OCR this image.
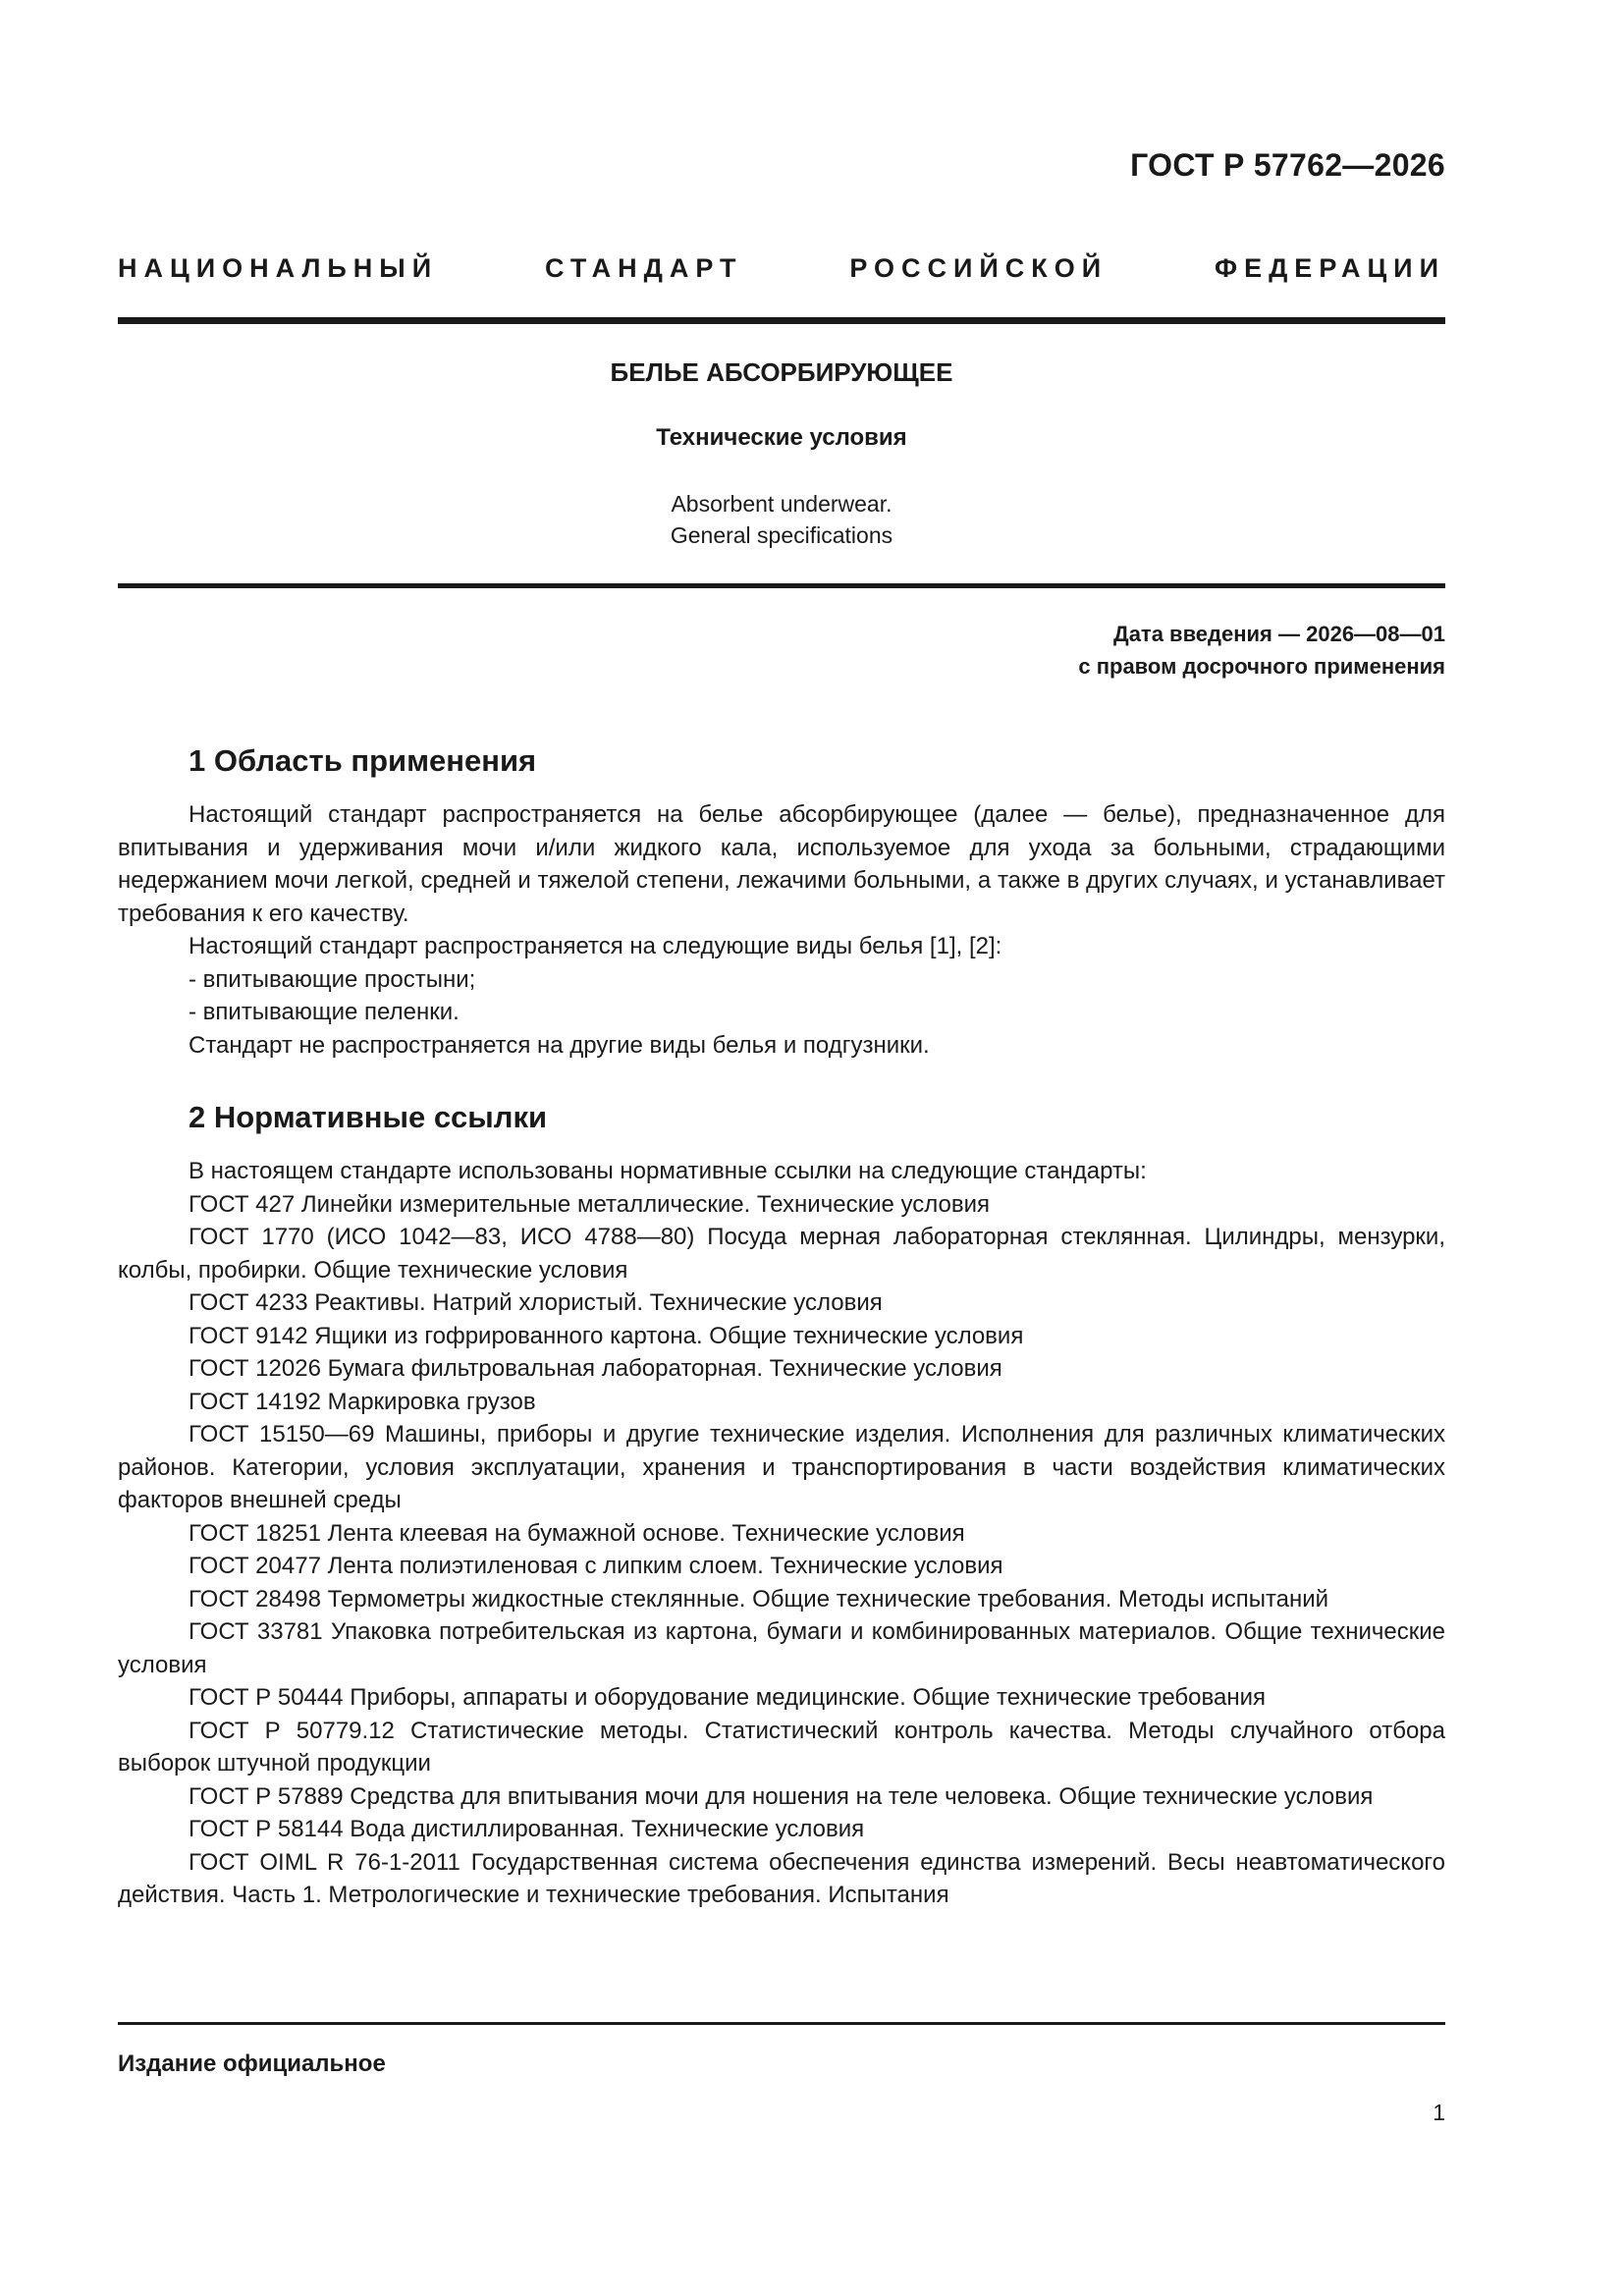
ГОСТ Р 57762—2026
НАЦИОНАЛЬНЫЙ СТАНДАРТ РОССИЙСКОЙ ФЕДЕРАЦИИ
БЕЛЬЕ АБСОРБИРУЮЩЕЕ
Технические условия
Absorbent underwear.
General specifications
Дата введения — 2026—08—01
с правом досрочного применения
1 Область применения

Настоящий стандарт распространяется на белье абсорбирующее (далее — белье), предназначенное для впитывания и удерживания мочи и/или жидкого кала, используемое для ухода за больными, страдающими недержанием мочи легкой, средней и тяжелой степени, лежачими больными, а также в других случаях, и устанавливает требования к его качеству.

Настоящий стандарт распространяется на следующие виды белья [1], [2]:

- впитывающие простыни;

- впитывающие пеленки.

Стандарт не распространяется на другие виды белья и подгузники.

2 Нормативные ссылки

В настоящем стандарте использованы нормативные ссылки на следующие стандарты:

ГОСТ 427 Линейки измерительные металлические. Технические условия

ГОСТ 1770 (ИСО 1042—83, ИСО 4788—80) Посуда мерная лабораторная стеклянная. Цилиндры, мензурки, колбы, пробирки. Общие технические условия

ГОСТ 4233 Реактивы. Натрий хлористый. Технические условия

ГОСТ 9142 Ящики из гофрированного картона. Общие технические условия

ГОСТ 12026 Бумага фильтровальная лабораторная. Технические условия

ГОСТ 14192 Маркировка грузов

ГОСТ 15150—69 Машины, приборы и другие технические изделия. Исполнения для различных климатических районов. Категории, условия эксплуатации, хранения и транспортирования в части воздействия климатических факторов внешней среды

ГОСТ 18251 Лента клеевая на бумажной основе. Технические условия

ГОСТ 20477 Лента полиэтиленовая с липким слоем. Технические условия

ГОСТ 28498 Термометры жидкостные стеклянные. Общие технические требования. Методы испытаний

ГОСТ 33781 Упаковка потребительская из картона, бумаги и комбинированных материалов. Общие технические условия

ГОСТ Р 50444 Приборы, аппараты и оборудование медицинские. Общие технические требования

ГОСТ Р 50779.12 Статистические методы. Статистический контроль качества. Методы случайного отбора выборок штучной продукции

ГОСТ Р 57889 Средства для впитывания мочи для ношения на теле человека. Общие технические условия

ГОСТ Р 58144 Вода дистиллированная. Технические условия

ГОСТ OIML R 76-1-2011 Государственная система обеспечения единства измерений. Весы неавтоматического действия. Часть 1. Метрологические и технические требования. Испытания

Издание официальное
1
